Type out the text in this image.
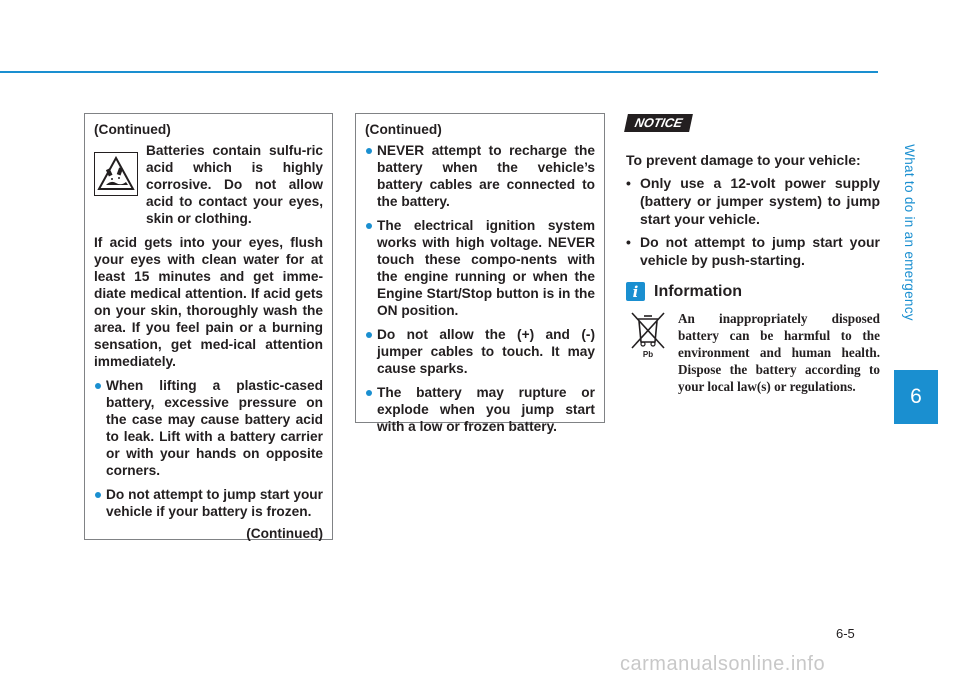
What to do in an emergency
6

(Continued)

Batteries contain sulfu-ric acid which is highly corrosive. Do not allow acid to contact your eyes, skin or clothing.

If acid gets into your eyes, flush your eyes with clean water for at least 15 minutes and get imme-diate medical attention. If acid gets on your skin, thoroughly wash the area. If you feel pain or a burning sensation, get med-ical attention immediately.

When lifting a plastic-cased battery, excessive pressure on the case may cause battery acid to leak. Lift with a battery carrier or with your hands on opposite corners.
Do not attempt to jump start your vehicle if your battery is frozen.

(Continued)

(Continued)

NEVER attempt to recharge the battery when the vehicle’s battery cables are connected to the battery.
The electrical ignition system works with high voltage. NEVER touch these compo-nents with the engine running or when the Engine Start/Stop button is in the ON position.
Do not allow the (+) and (-) jumper cables to touch. It may cause sparks.
The battery may rupture or explode when you jump start with a low or frozen battery.
NOTICE

To prevent damage to your vehicle:

• Only use a 12-volt power supply (battery or jumper system) to jump start your vehicle.
• Do not attempt to jump start your vehicle by push-starting.
i Information
Pb

An inappropriately disposed battery can be harmful to the environment and human health. Dispose the battery according to your local law(s) or regulations.

6-5
carmanualsonline.info
